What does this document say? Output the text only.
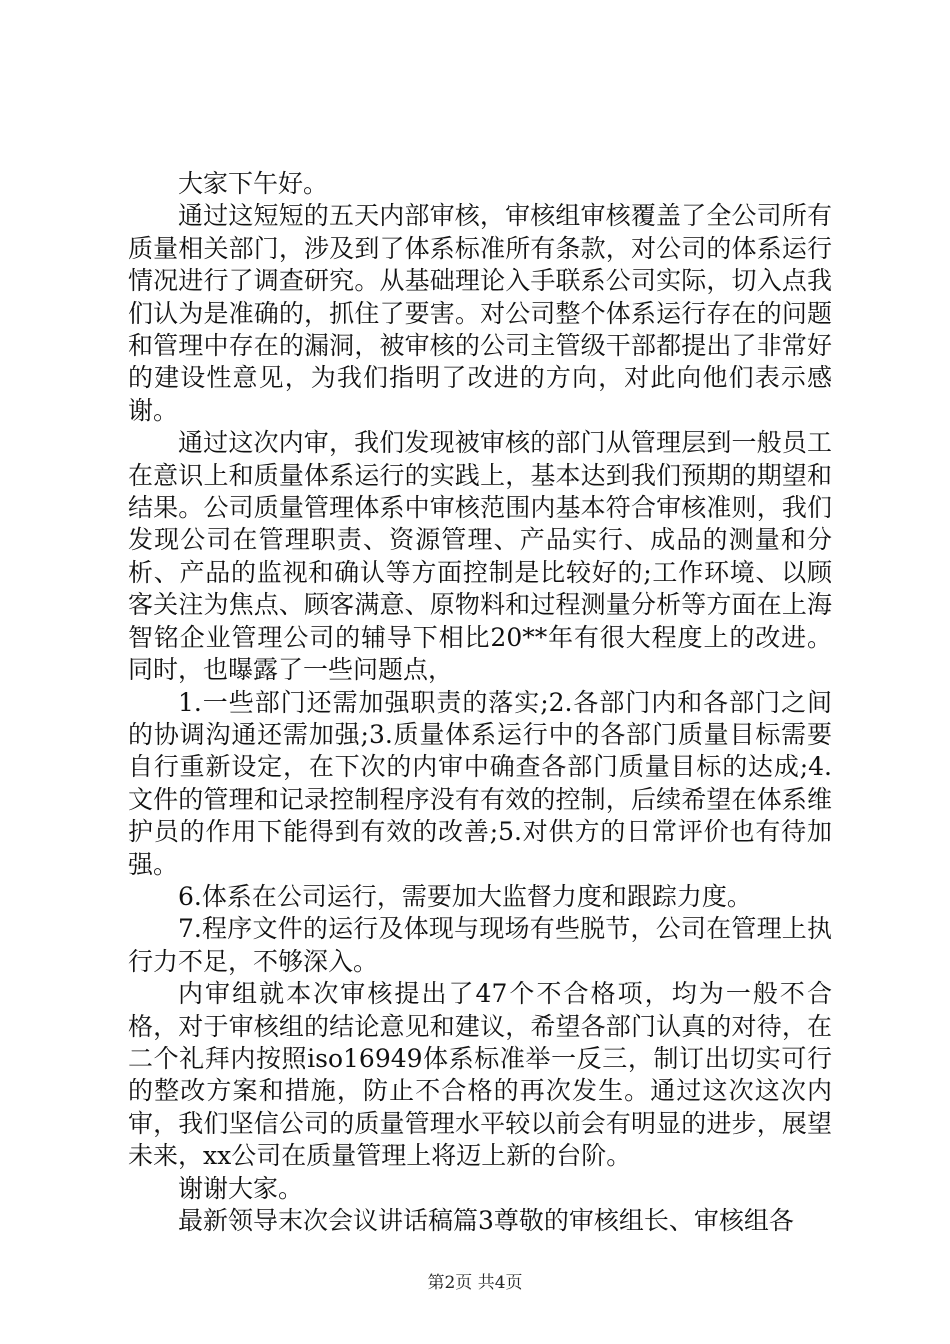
大家下午好。

通过这短短的五天内部审核，审核组审核覆盖了全公司所有质量相关部门，涉及到了体系标准所有条款，对公司的体系运行情况进行了调查研究。从基础理论入手联系公司实际，切入点我们认为是准确的，抓住了要害。对公司整个体系运行存在的问题和管理中存在的漏洞，被审核的公司主管级干部都提出了非常好的建设性意见，为我们指明了改进的方向，对此向他们表示感谢。

通过这次内审，我们发现被审核的部门从管理层到一般员工在意识上和质量体系运行的实践上，基本达到我们预期的期望和结果。公司质量管理体系中审核范围内基本符合审核准则，我们发现公司在管理职责、资源管理、产品实行、成品的测量和分析、产品的监视和确认等方面控制是比较好的;工作环境、以顾客关注为焦点、顾客满意、原物料和过程测量分析等方面在上海智铭企业管理公司的辅导下相比20**年有很大程度上的改进。同时，也曝露了一些问题点，

1.一些部门还需加强职责的落实;2.各部门内和各部门之间的协调沟通还需加强;3.质量体系运行中的各部门质量目标需要自行重新设定，在下次的内审中确查各部门质量目标的达成;4.文件的管理和记录控制程序没有有效的控制，后续希望在体系维护员的作用下能得到有效的改善;5.对供方的日常评价也有待加强。

6.体系在公司运行，需要加大监督力度和跟踪力度。

7.程序文件的运行及体现与现场有些脱节，公司在管理上执行力不足，不够深入。

内审组就本次审核提出了47个不合格项，均为一般不合格，对于审核组的结论意见和建议，希望各部门认真的对待，在二个礼拜内按照iso16949体系标准举一反三，制订出切实可行的整改方案和措施，防止不合格的再次发生。通过这次这次内审，我们坚信公司的质量管理水平较以前会有明显的进步，展望未来，xx公司在质量管理上将迈上新的台阶。

谢谢大家。

最新领导末次会议讲话稿篇3尊敬的审核组长、审核组各

第2页 共4页
